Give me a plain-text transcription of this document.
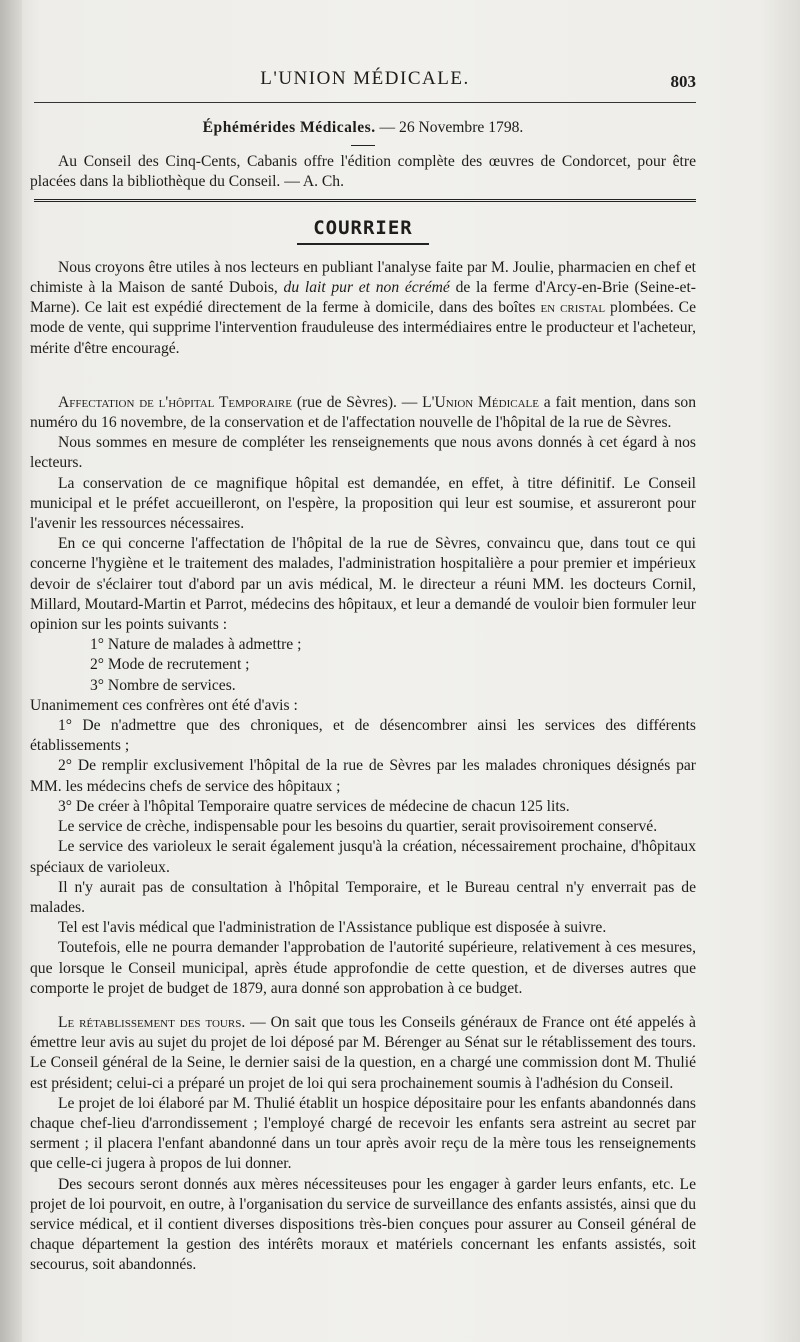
L'UNION MÉDICALE.	803

Éphémérides Médicales. — 26 Novembre 1798.

Au Conseil des Cinq-Cents, Cabanis offre l'édition complète des œuvres de Condorcet, pour être placées dans la bibliothèque du Conseil. — A. Ch.

COURRIER

Nous croyons être utiles à nos lecteurs en publiant l'analyse faite par M. Joulie, pharmacien en chef et chimiste à la Maison de santé Dubois, du lait pur et non écrémé de la ferme d'Arcy-en-Brie (Seine-et-Marne). Ce lait est expédié directement de la ferme à domicile, dans des boîtes en cristal plombées. Ce mode de vente, qui supprime l'intervention frauduleuse des intermédiaires entre le producteur et l'acheteur, mérite d'être encouragé.

Affectation de l'hôpital Temporaire (rue de Sèvres). — L'Union Médicale a fait mention, dans son numéro du 16 novembre, de la conservation et de l'affectation nouvelle de l'hôpital de la rue de Sèvres.

Nous sommes en mesure de compléter les renseignements que nous avons donnés à cet égard à nos lecteurs.

La conservation de ce magnifique hôpital est demandée, en effet, à titre définitif. Le Conseil municipal et le préfet accueilleront, on l'espère, la proposition qui leur est soumise, et assureront pour l'avenir les ressources nécessaires.

En ce qui concerne l'affectation de l'hôpital de la rue de Sèvres, convaincu que, dans tout ce qui concerne l'hygiène et le traitement des malades, l'administration hospitalière a pour premier et impérieux devoir de s'éclairer tout d'abord par un avis médical, M. le directeur a réuni MM. les docteurs Cornil, Millard, Moutard-Martin et Parrot, médecins des hôpitaux, et leur a demandé de vouloir bien formuler leur opinion sur les points suivants :

1° Nature de malades à admettre ;

2° Mode de recrutement ;

3° Nombre de services.

Unanimement ces confrères ont été d'avis :

1° De n'admettre que des chroniques, et de désencombrer ainsi les services des différents établissements ;

2° De remplir exclusivement l'hôpital de la rue de Sèvres par les malades chroniques désignés par MM. les médecins chefs de service des hôpitaux ;

3° De créer à l'hôpital Temporaire quatre services de médecine de chacun 125 lits.

Le service de crèche, indispensable pour les besoins du quartier, serait provisoirement conservé.

Le service des varioleux le serait également jusqu'à la création, nécessairement prochaine, d'hôpitaux spéciaux de varioleux.

Il n'y aurait pas de consultation à l'hôpital Temporaire, et le Bureau central n'y enverrait pas de malades.

Tel est l'avis médical que l'administration de l'Assistance publique est disposée à suivre.

Toutefois, elle ne pourra demander l'approbation de l'autorité supérieure, relativement à ces mesures, que lorsque le Conseil municipal, après étude approfondie de cette question, et de diverses autres que comporte le projet de budget de 1879, aura donné son approbation à ce budget.

Le rétablissement des tours. — On sait que tous les Conseils généraux de France ont été appelés à émettre leur avis au sujet du projet de loi déposé par M. Bérenger au Sénat sur le rétablissement des tours. Le Conseil général de la Seine, le dernier saisi de la question, en a chargé une commission dont M. Thulié est président; celui-ci a préparé un projet de loi qui sera prochainement soumis à l'adhésion du Conseil.

Le projet de loi élaboré par M. Thulié établit un hospice dépositaire pour les enfants abandonnés dans chaque chef-lieu d'arrondissement ; l'employé chargé de recevoir les enfants sera astreint au secret par serment ; il placera l'enfant abandonné dans un tour après avoir reçu de la mère tous les renseignements que celle-ci jugera à propos de lui donner.

Des secours seront donnés aux mères nécessiteuses pour les engager à garder leurs enfants, etc. Le projet de loi pourvoit, en outre, à l'organisation du service de surveillance des enfants assistés, ainsi que du service médical, et il contient diverses dispositions très-bien conçues pour assurer au Conseil général de chaque département la gestion des intérêts moraux et matériels concernant les enfants assistés, soit secourus, soit abandonnés.
